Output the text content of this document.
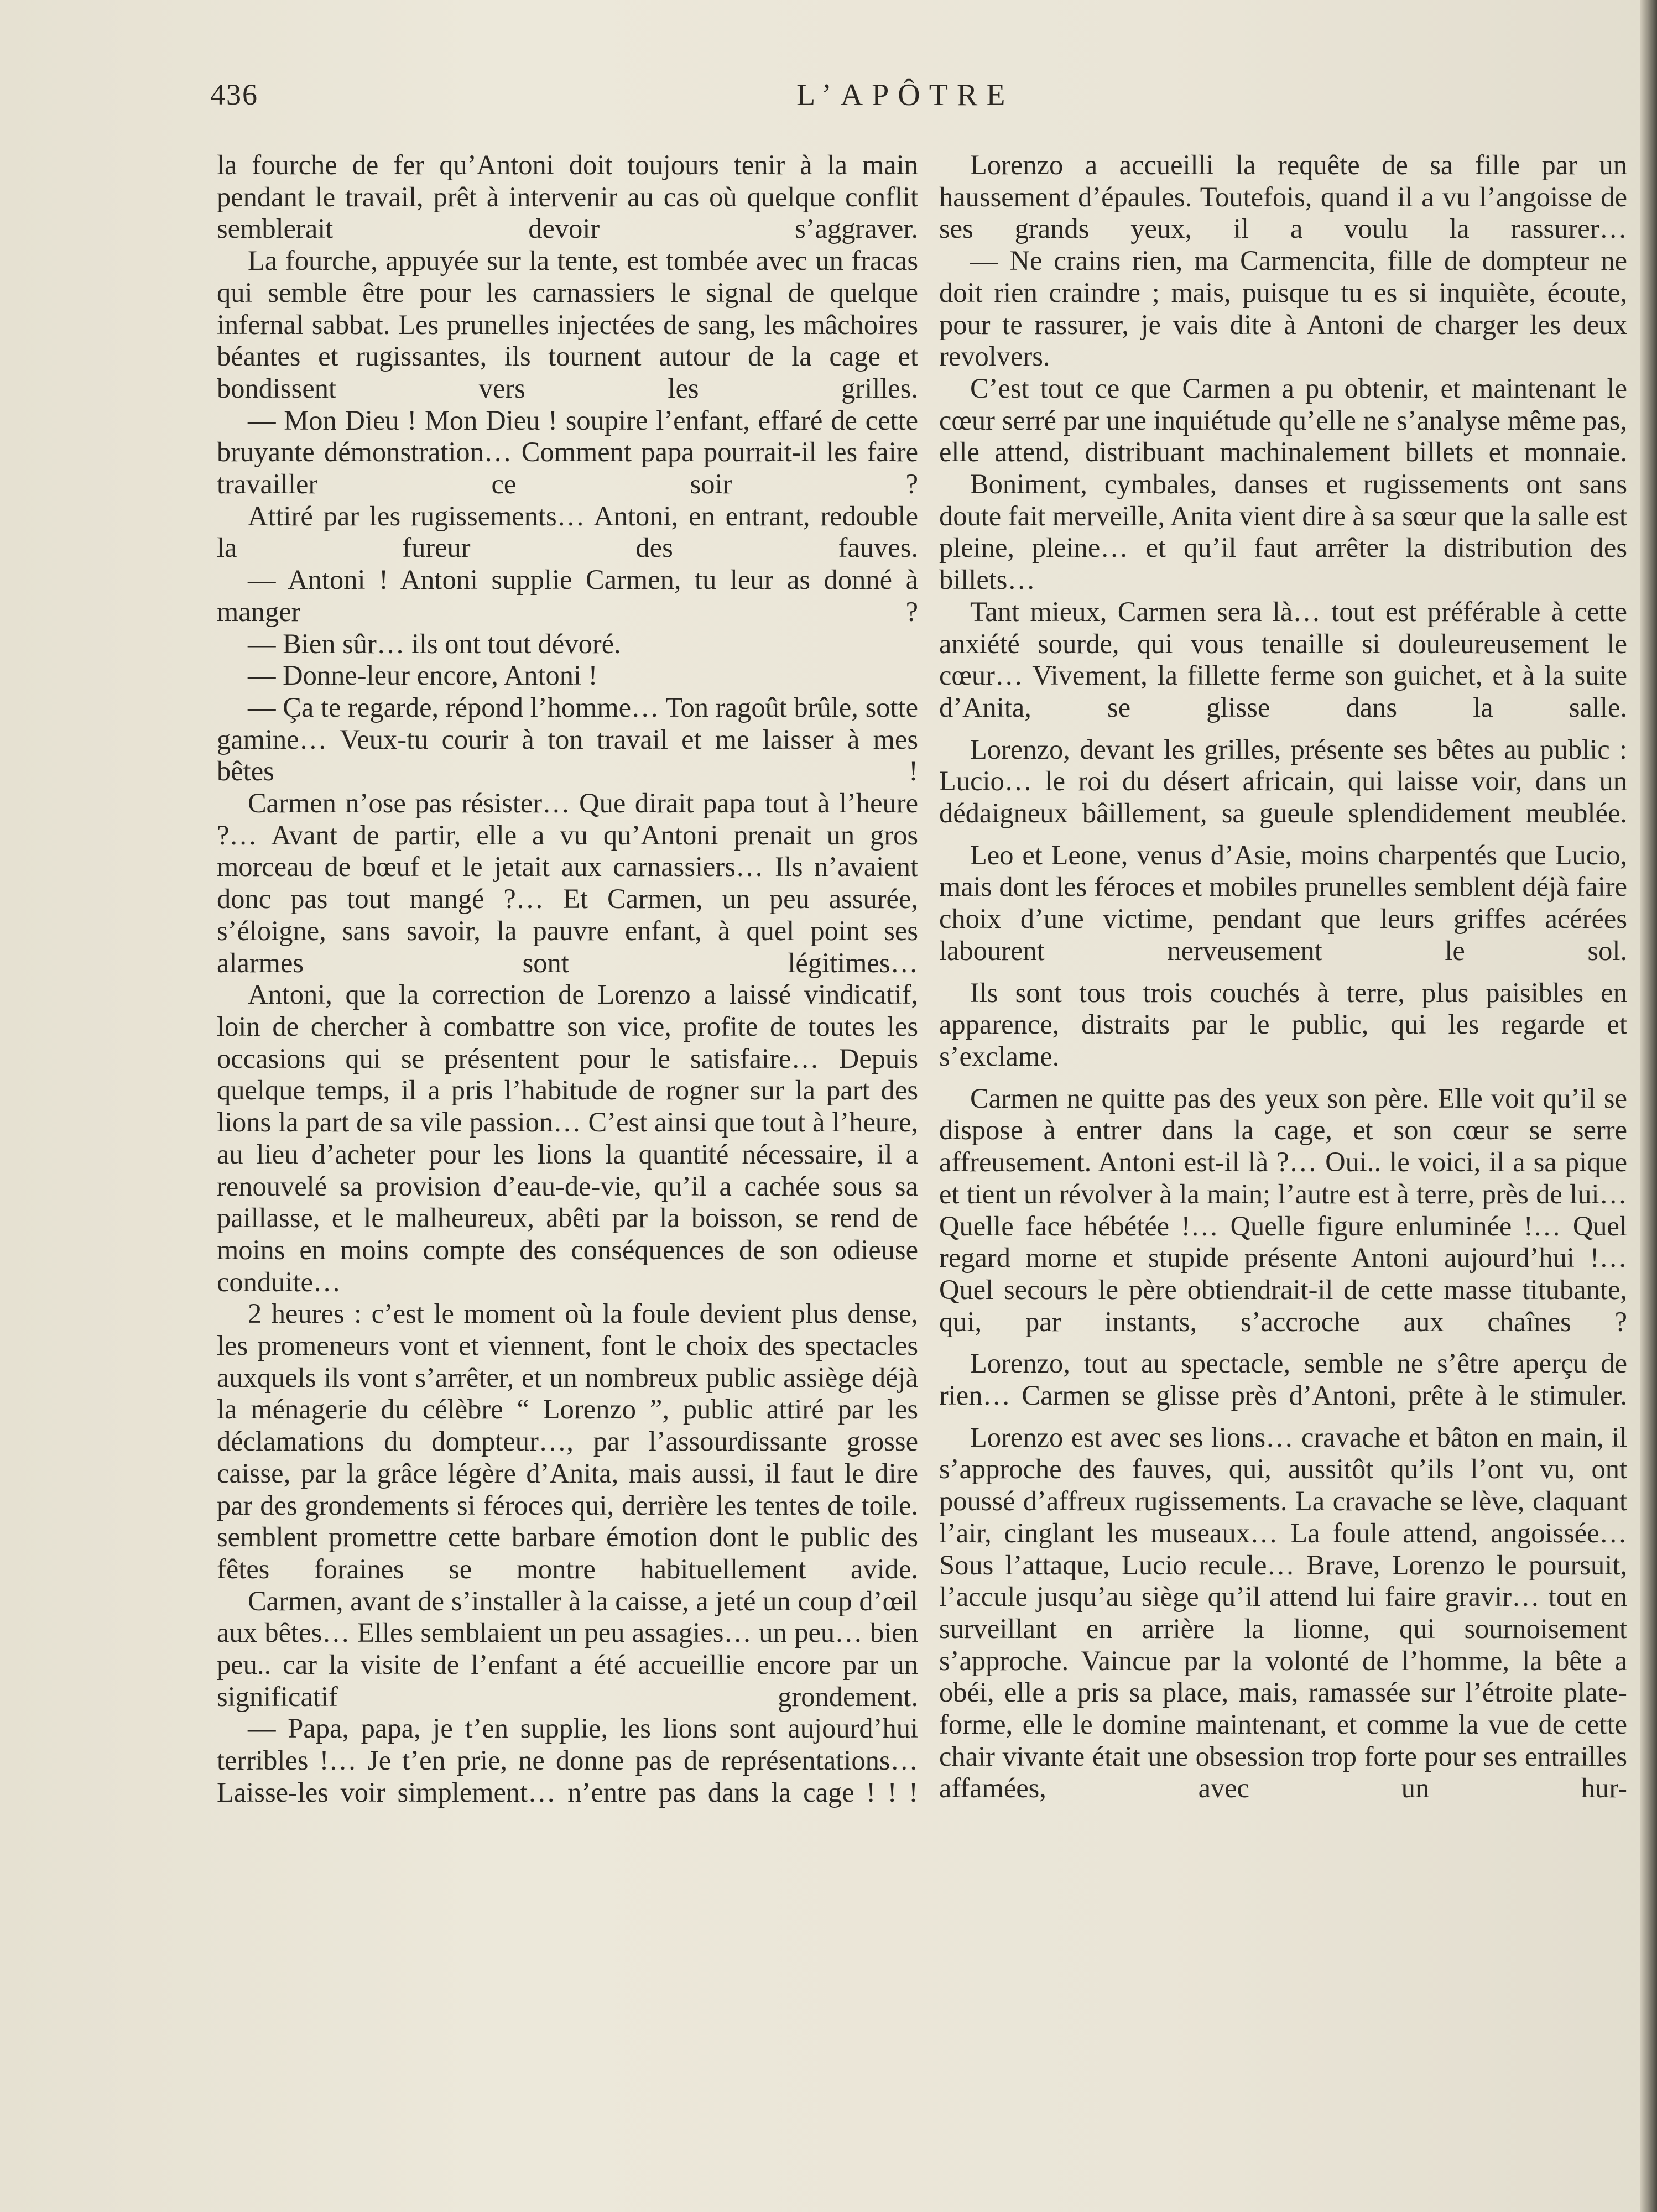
436	L’APÔTRE

la fourche de fer qu’Antoni doit toujours tenir à la main pendant le travail, prêt à intervenir au cas où quelque conflit semblerait devoir s’aggraver.

La fourche, appuyée sur la tente, est tombée avec un fracas qui semble être pour les carnassiers le signal de quelque infernal sabbat. Les prunelles injectées de sang, les mâchoires béantes et rugissantes, ils tournent autour de la cage et bondissent vers les grilles.

— Mon Dieu ! Mon Dieu ! soupire l’enfant, effaré de cette bruyante démonstration… Comment papa pourrait-il les faire travailler ce soir ?

Attiré par les rugissements… Antoni, en entrant, redouble la fureur des fauves.

— Antoni ! Antoni supplie Carmen, tu leur as donné à manger ?

— Bien sûr… ils ont tout dévoré.

— Donne-leur encore, Antoni !

— Ça te regarde, répond l’homme… Ton ragoût brûle, sotte gamine… Veux-tu courir à ton travail et me laisser à mes bêtes !

Carmen n’ose pas résister… Que dirait papa tout à l’heure ?… Avant de partir, elle a vu qu’Antoni prenait un gros morceau de bœuf et le jetait aux carnassiers… Ils n’avaient donc pas tout mangé ?… Et Carmen, un peu assurée, s’éloigne, sans savoir, la pauvre enfant, à quel point ses alarmes sont légitimes…

Antoni, que la correction de Lorenzo a laissé vindicatif, loin de chercher à combattre son vice, profite de toutes les occasions qui se présentent pour le satisfaire… Depuis quelque temps, il a pris l’habitude de rogner sur la part des lions la part de sa vile passion… C’est ainsi que tout à l’heure, au lieu d’acheter pour les lions la quantité nécessaire, il a renouvelé sa provision d’eau-de-vie, qu’il a cachée sous sa paillasse, et le malheureux, abêti par la boisson, se rend de moins en moins compte des conséquences de son odieuse conduite…

2 heures : c’est le moment où la foule devient plus dense, les promeneurs vont et viennent, font le choix des spectacles auxquels ils vont s’arrêter, et un nombreux public assiège déjà la ménagerie du célèbre “ Lorenzo ”, public attiré par les déclamations du dompteur…, par l’assourdissante grosse caisse, par la grâce légère d’Anita, mais aussi, il faut le dire par des grondements si féroces qui, derrière les tentes de toile. semblent promettre cette barbare émotion dont le public des fêtes foraines se montre habituellement avide.

Carmen, avant de s’installer à la caisse, a jeté un coup d’œil aux bêtes… Elles semblaient un peu assagies… un peu… bien peu.. car la visite de l’enfant a été accueillie encore par un significatif grondement.

— Papa, papa, je t’en supplie, les lions sont aujourd’hui terribles !… Je t’en prie, ne donne pas de représentations… Laisse-les voir simplement… n’entre pas dans la cage ! ! !

Lorenzo a accueilli la requête de sa fille par un haussement d’épaules. Toutefois, quand il a vu l’angoisse de ses grands yeux, il a voulu la rassurer…

— Ne crains rien, ma Carmencita, fille de dompteur ne doit rien craindre ; mais, puisque tu es si inquiète, écoute, pour te rassurer, je vais dite à Antoni de charger les deux revolvers.

C’est tout ce que Carmen a pu obtenir, et maintenant le cœur serré par une inquiétude qu’elle ne s’analyse même pas, elle attend, distribuant machinalement billets et monnaie.

Boniment, cymbales, danses et rugissements ont sans doute fait merveille, Anita vient dire à sa sœur que la salle est pleine, pleine… et qu’il faut arrêter la distribution des billets…

Tant mieux, Carmen sera là… tout est préférable à cette anxiété sourde, qui vous tenaille si douleureusement le cœur… Vivement, la fillette ferme son guichet, et à la suite d’Anita, se glisse dans la salle.

Lorenzo, devant les grilles, présente ses bêtes au public : Lucio… le roi du désert africain, qui laisse voir, dans un dédaigneux bâillement, sa gueule splendidement meublée.

Leo et Leone, venus d’Asie, moins charpentés que Lucio, mais dont les féroces et mobiles prunelles semblent déjà faire choix d’une victime, pendant que leurs griffes acérées labourent nerveusement le sol.

Ils sont tous trois couchés à terre, plus paisibles en apparence, distraits par le public, qui les regarde et s’exclame.

Carmen ne quitte pas des yeux son père. Elle voit qu’il se dispose à entrer dans la cage, et son cœur se serre affreusement. Antoni est-il là ?… Oui.. le voici, il a sa pique et tient un révolver à la main; l’autre est à terre, près de lui… Quelle face hébétée !… Quelle figure enluminée !… Quel regard morne et stupide présente Antoni aujourd’hui !… Quel secours le père obtiendrait-il de cette masse titubante, qui, par instants, s’accroche aux chaînes ?

Lorenzo, tout au spectacle, semble ne s’être aperçu de rien… Carmen se glisse près d’Antoni, prête à le stimuler.

Lorenzo est avec ses lions… cravache et bâton en main, il s’approche des fauves, qui, aussitôt qu’ils l’ont vu, ont poussé d’affreux rugissements. La cravache se lève, claquant l’air, cinglant les museaux… La foule attend, angoissée… Sous l’attaque, Lucio recule… Brave, Lorenzo le poursuit, l’accule jusqu’au siège qu’il attend lui faire gravir… tout en surveillant en arrière la lionne, qui sournoisement s’approche. Vaincue par la volonté de l’homme, la bête a obéi, elle a pris sa place, mais, ramassée sur l’étroite plate-forme, elle le domine maintenant, et comme la vue de cette chair vivante était une obsession trop forte pour ses entrailles affamées, avec un hur-
